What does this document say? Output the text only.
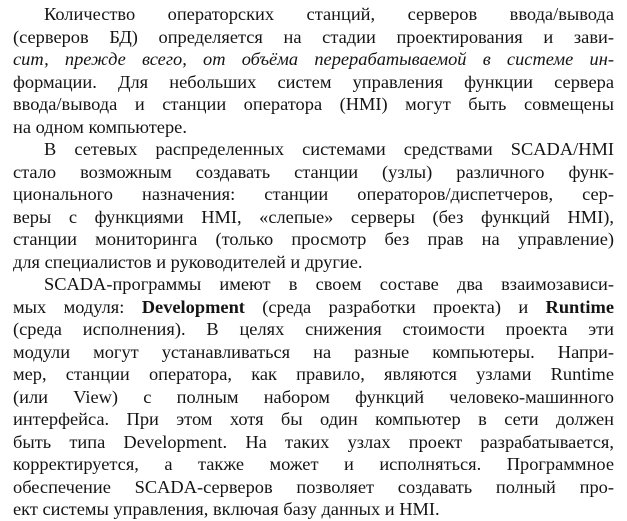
Количество операторских станций, серверов ввода/вывода
(серверов БД) определяется на стадии проектирования и зави-
сит, прежде всего, от объёма перерабатываемой в системе ин-
формации. Для небольших систем управления функции сервера
ввода/вывода и станции оператора (HMI) могут быть совмещены
на одном компьютере.
В сетевых распределенных системами средствами SCADA/HMI
стало возможным создавать станции (узлы) различного функ-
ционального назначения: станции операторов/диспетчеров, сер-
веры с функциями HMI, «слепые» серверы (без функций HMI),
станции мониторинга (только просмотр без прав на управление)
для специалистов и руководителей и другие.
SCADA-программы имеют в своем составе два взаимозависи-
мых модуля: Development (среда разработки проекта) и Runtime
(среда исполнения). В целях снижения стоимости проекта эти
модули могут устанавливаться на разные компьютеры. Напри-
мер, станции оператора, как правило, являются узлами Runtime
(или View) с полным набором функций человеко-машинного
интерфейса. При этом хотя бы один компьютер в сети должен
быть типа Development. На таких узлах проект разрабатывается,
корректируется, а также может и исполняться. Программное
обеспечение SCADA-серверов позволяет создавать полный про-
ект системы управления, включая базу данных и HMI.
